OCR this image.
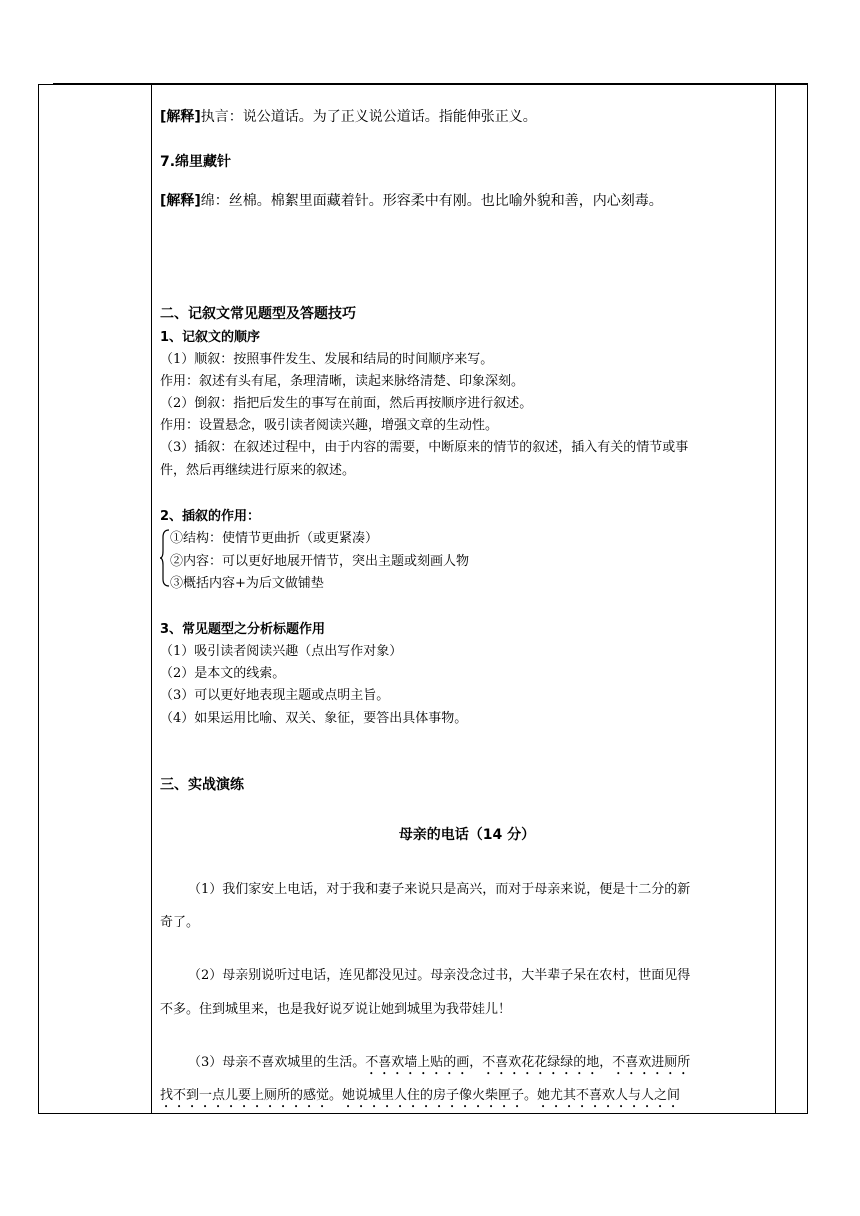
[解释]执言：说公道话。为了正义说公道话。指能伸张正义。
7.绵里藏针
[解释]绵：丝棉。棉絮里面藏着针。形容柔中有刚。也比喻外貌和善，内心刻毒。
二、记叙文常见题型及答题技巧
1、记叙文的顺序
（1）顺叙：按照事件发生、发展和结局的时间顺序来写。
作用：叙述有头有尾，条理清晰，读起来脉络清楚、印象深刻。
（2）倒叙：指把后发生的事写在前面，然后再按顺序进行叙述。
作用：设置悬念，吸引读者阅读兴趣，增强文章的生动性。
（3）插叙：在叙述过程中，由于内容的需要，中断原来的情节的叙述，插入有关的情节或事
件，然后再继续进行原来的叙述。
2、插叙的作用：
①结构：使情节更曲折（或更紧凑）
②内容：可以更好地展开情节，突出主题或刻画人物
③概括内容+为后文做铺垫
3、常见题型之分析标题作用
（1）吸引读者阅读兴趣（点出写作对象）
（2）是本文的线索。
（3）可以更好地表现主题或点明主旨。
（4）如果运用比喻、双关、象征，要答出具体事物。
三、实战演练
母亲的电话（14 分）
（1）我们家安上电话，对于我和妻子来说只是高兴，而对于母亲来说，便是十二分的新
奇了。
（2）母亲别说听过电话，连见都没见过。母亲没念过书，大半辈子呆在农村，世面见得
不多。住到城里来，也是我好说歹说让她到城里为我带娃儿！
（3）母亲不喜欢城里的生活。不喜欢墙上贴的画，不喜欢花花绿绿的地，不喜欢进厕所
找不到一点儿要上厕所的感觉。她说城里人住的房子像火柴匣子。她尤其不喜欢人与人之间
